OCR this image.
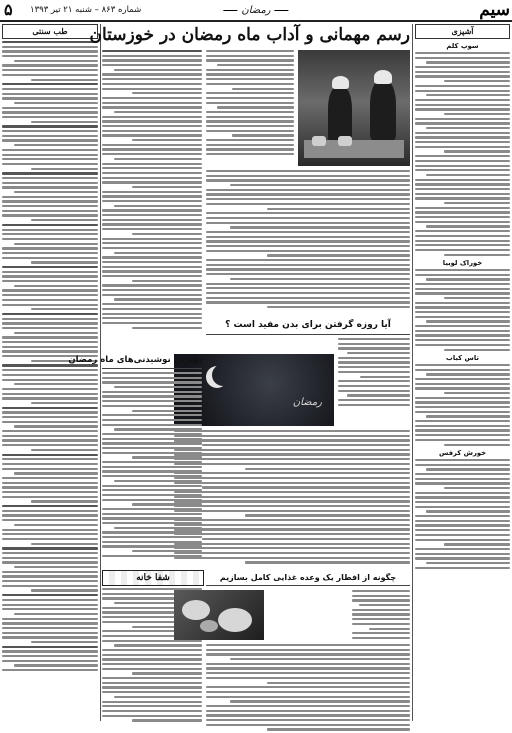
سیم
رمضان
شماره ۸۶۳ – شنبه ۲۱ تیر ۱۳۹۳
۵
آشپزی
سوپ کلم
خوراک لوبیا
تاس کباب
خورش کرفس
طب سنتی	رسم مهمانی و آداب ماه رمضان در خوزستان
آیا روزه گرفتن برای بدن مفید است ؟
رمضان
بهترین نوشیدنی‌های ماه رمضان
شفا خانه	چگونه از افطار یک وعده غذایی کامل بسازیم
